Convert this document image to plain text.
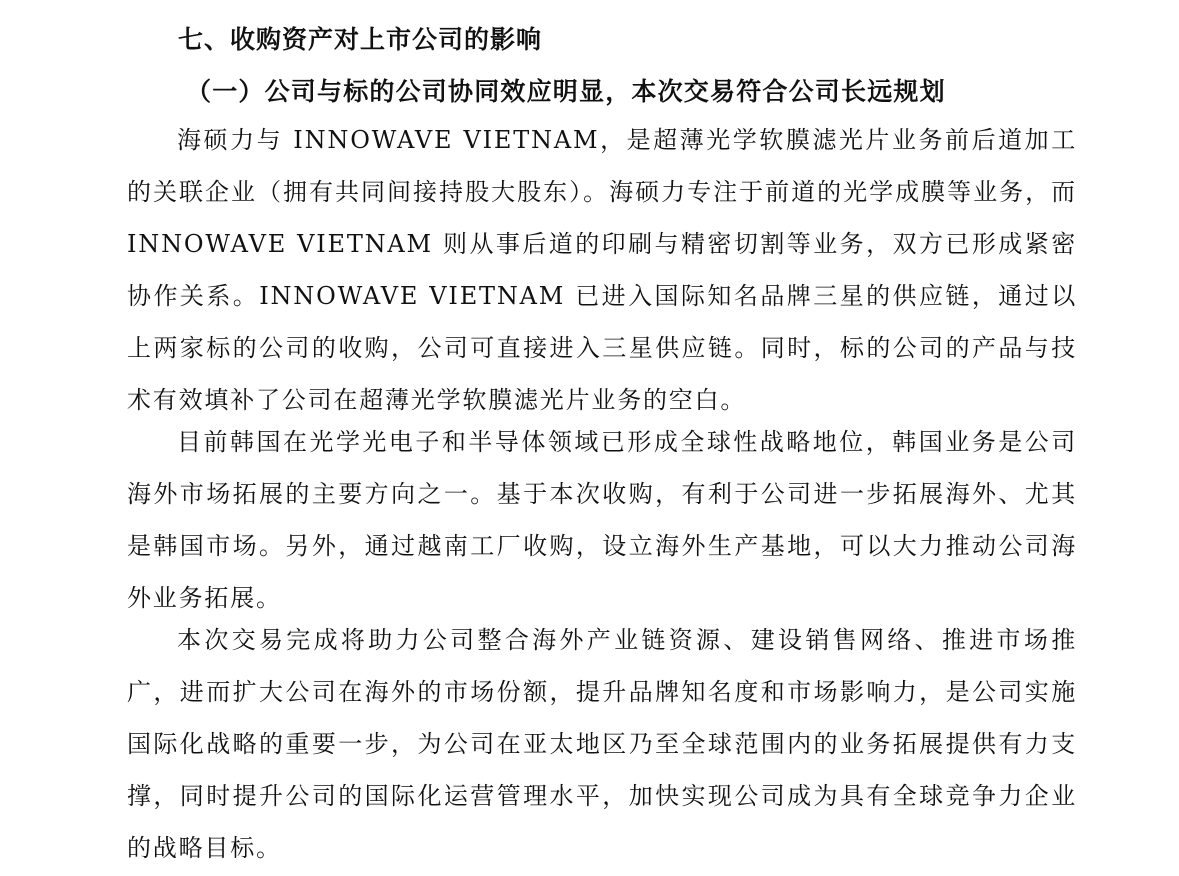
七、收购资产对上市公司的影响
（一）公司与标的公司协同效应明显，本次交易符合公司长远规划

海硕力与 INNOWAVE VIETNAM，是超薄光学软膜滤光片业务前后道加工的关联企业（拥有共同间接持股大股东）。海硕力专注于前道的光学成膜等业务，而 INNOWAVE VIETNAM 则从事后道的印刷与精密切割等业务，双方已形成紧密协作关系。INNOWAVE VIETNAM 已进入国际知名品牌三星的供应链，通过以上两家标的公司的收购，公司可直接进入三星供应链。同时，标的公司的产品与技术有效填补了公司在超薄光学软膜滤光片业务的空白。

目前韩国在光学光电子和半导体领域已形成全球性战略地位，韩国业务是公司海外市场拓展的主要方向之一。基于本次收购，有利于公司进一步拓展海外、尤其是韩国市场。另外，通过越南工厂收购，设立海外生产基地，可以大力推动公司海外业务拓展。

本次交易完成将助力公司整合海外产业链资源、建设销售网络、推进市场推广，进而扩大公司在海外的市场份额，提升品牌知名度和市场影响力，是公司实施国际化战略的重要一步，为公司在亚太地区乃至全球范围内的业务拓展提供有力支撑，同时提升公司的国际化运营管理水平，加快实现公司成为具有全球竞争力企业的战略目标。
